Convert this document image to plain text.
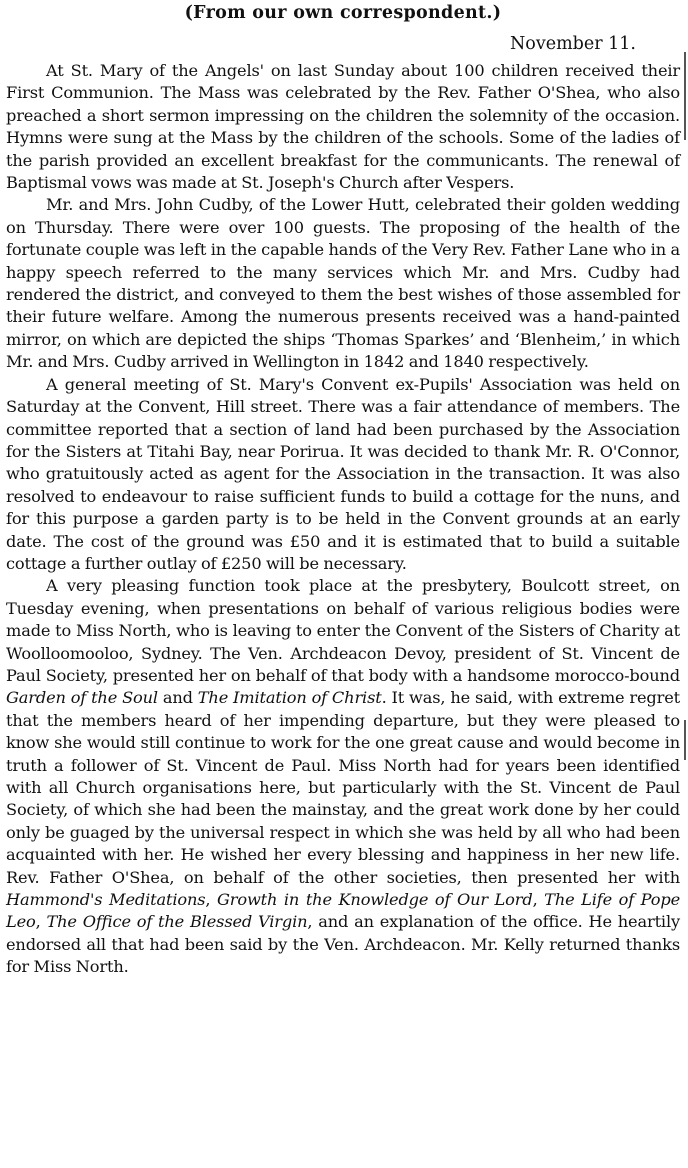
(From our own correspondent.)
November 11.

At St. Mary of the Angels' on last Sunday about 100 children received their First Communion. The Mass was celebrated by the Rev. Father O'Shea, who also preached a short sermon impressing on the children the solemnity of the occasion. Hymns were sung at the Mass by the children of the schools. Some of the ladies of the parish provided an excellent breakfast for the communicants. The renewal of Baptismal vows was made at St. Joseph's Church after Vespers.

Mr. and Mrs. John Cudby, of the Lower Hutt, celebrated their golden wedding on Thursday. There were over 100 guests. The proposing of the health of the fortunate couple was left in the capable hands of the Very Rev. Father Lane who in a happy speech referred to the many services which Mr. and Mrs. Cudby had rendered the district, and conveyed to them the best wishes of those assembled for their future welfare. Among the numerous presents received was a hand-painted mirror, on which are depicted the ships ‘Thomas Sparkes’ and ‘Blenheim,’ in which Mr. and Mrs. Cudby arrived in Wellington in 1842 and 1840 respectively.

A general meeting of St. Mary's Convent ex-Pupils' Association was held on Saturday at the Convent, Hill street. There was a fair attendance of members. The committee reported that a section of land had been purchased by the Association for the Sisters at Titahi Bay, near Porirua. It was decided to thank Mr. R. O'Connor, who gratuitously acted as agent for the Association in the transaction. It was also resolved to endeavour to raise sufficient funds to build a cottage for the nuns, and for this purpose a garden party is to be held in the Convent grounds at an early date. The cost of the ground was £50 and it is estimated that to build a suitable cottage a further outlay of £250 will be necessary.

A very pleasing function took place at the presbytery, Boulcott street, on Tuesday evening, when presentations on behalf of various religious bodies were made to Miss North, who is leaving to enter the Convent of the Sisters of Charity at Woolloomooloo, Sydney. The Ven. Archdeacon Devoy, president of St. Vincent de Paul Society, presented her on behalf of that body with a handsome morocco-bound Garden of the Soul and The Imitation of Christ. It was, he said, with extreme regret that the members heard of her impending departure, but they were pleased to know she would still continue to work for the one great cause and would become in truth a follower of St. Vincent de Paul. Miss North had for years been identified with all Church organisations here, but particularly with the St. Vincent de Paul Society, of which she had been the mainstay, and the great work done by her could only be guaged by the universal respect in which she was held by all who had been acquainted with her. He wished her every blessing and happiness in her new life. Rev. Father O'Shea, on behalf of the other societies, then presented her with Hammond's Meditations, Growth in the Knowledge of Our Lord, The Life of Pope Leo, The Office of the Blessed Virgin, and an explanation of the office. He heartily endorsed all that had been said by the Ven. Archdeacon. Mr. Kelly returned thanks for Miss North.
